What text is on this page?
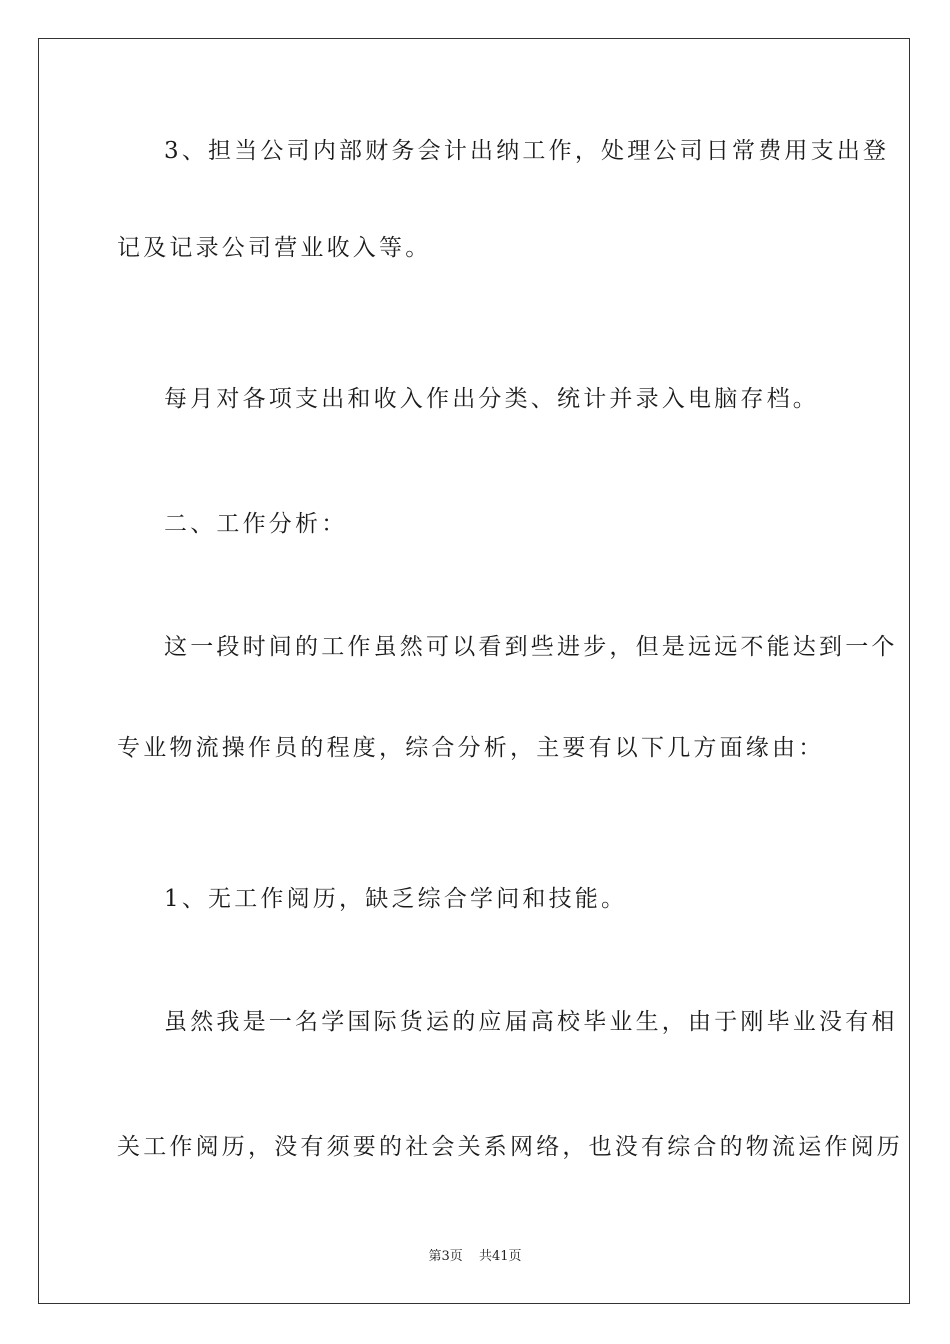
3、担当公司内部财务会计出纳工作，处理公司日常费用支出登
记及记录公司营业收入等。
每月对各项支出和收入作出分类、统计并录入电脑存档。
二、工作分析：
这一段时间的工作虽然可以看到些进步，但是远远不能达到一个
专业物流操作员的程度，综合分析，主要有以下几方面缘由：
1、无工作阅历，缺乏综合学问和技能。
虽然我是一名学国际货运的应届高校毕业生，由于刚毕业没有相
关工作阅历，没有须要的社会关系网络，也没有综合的物流运作阅历
第3页 共41页
